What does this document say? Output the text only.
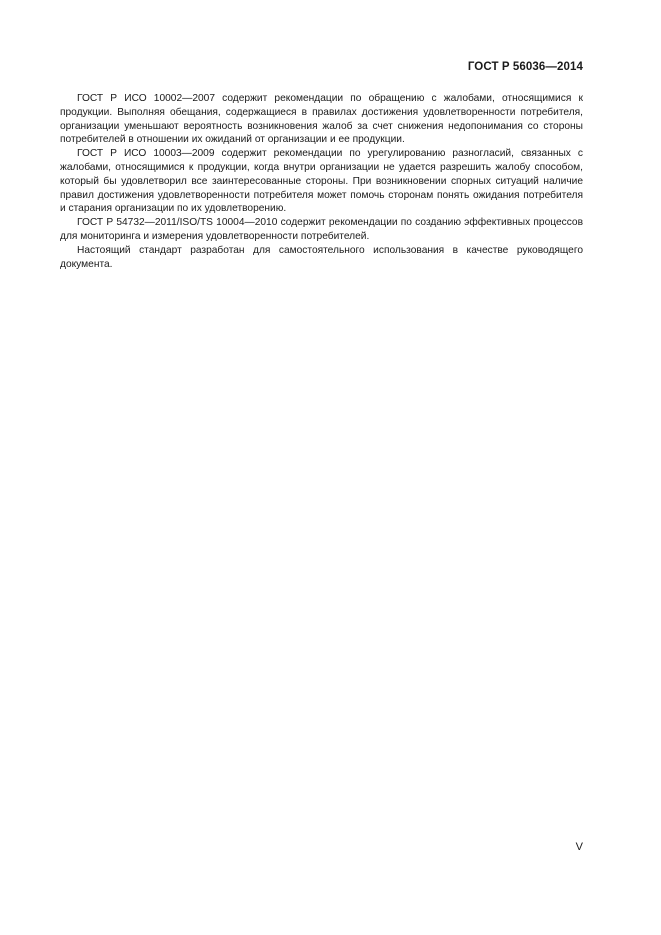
ГОСТ Р 56036—2014

ГОСТ Р ИСО 10002—2007 содержит рекомендации по обращению с жалобами, относящимися к продукции. Выполняя обещания, содержащиеся в правилах достижения удовлетворенности потребителя, организации уменьшают вероятность возникновения жалоб за счет снижения недопонимания со стороны потребителей в отношении их ожиданий от организации и ее продукции.

ГОСТ Р ИСО 10003—2009 содержит рекомендации по урегулированию разногласий, связанных с жалобами, относящимися к продукции, когда внутри организации не удается разрешить жалобу способом, который бы удовлетворил все заинтересованные стороны. При возникновении спорных ситуаций наличие правил достижения удовлетворенности потребителя может помочь сторонам понять ожидания потребителя и старания организации по их удовлетворению.

ГОСТ Р 54732—2011/ISO/TS 10004—2010 содержит рекомендации по созданию эффективных процессов для мониторинга и измерения удовлетворенности потребителей.

Настоящий стандарт разработан для самостоятельного использования в качестве руководящего документа.

V
